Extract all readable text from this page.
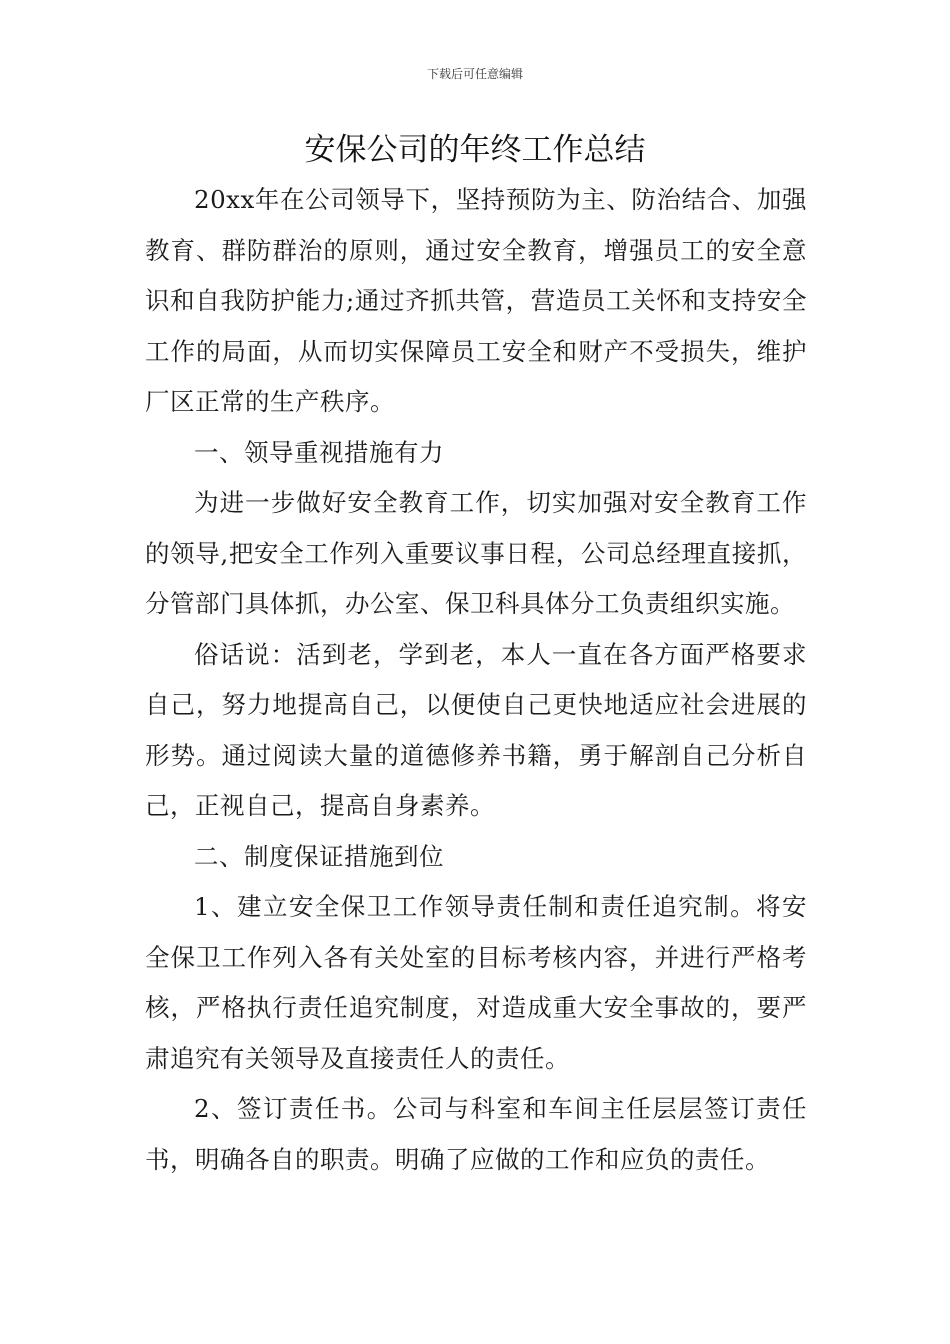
下载后可任意编辑
安保公司的年终工作总结

20xx年在公司领导下，坚持预防为主、防治结合、加强教育、群防群治的原则，通过安全教育，增强员工的安全意识和自我防护能力;通过齐抓共管，营造员工关怀和支持安全工作的局面，从而切实保障员工安全和财产不受损失，维护厂区正常的生产秩序。

一、领导重视措施有力

为进一步做好安全教育工作，切实加强对安全教育工作的领导,把安全工作列入重要议事日程，公司总经理直接抓，分管部门具体抓，办公室、保卫科具体分工负责组织实施。

俗话说：活到老，学到老，本人一直在各方面严格要求自己，努力地提高自己，以便使自己更快地适应社会进展的形势。通过阅读大量的道德修养书籍，勇于解剖自己分析自己，正视自己，提高自身素养。

二、制度保证措施到位

1、建立安全保卫工作领导责任制和责任追究制。将安全保卫工作列入各有关处室的目标考核内容，并进行严格考核，严格执行责任追究制度，对造成重大安全事故的，要严肃追究有关领导及直接责任人的责任。

2、签订责任书。公司与科室和车间主任层层签订责任书，明确各自的职责。明确了应做的工作和应负的责任。
